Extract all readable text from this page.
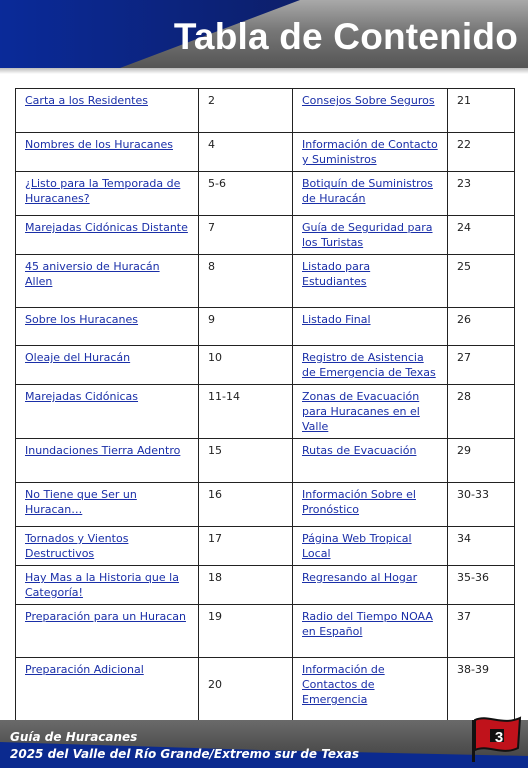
Tabla de Contenido
Carta a los Residentes	2	Consejos Sobre Seguros	21
Nombres de los Huracanes	4	Información de Contacto y Suministros	22
¿Listo para la Temporada de Huracanes?	5-6	Botiquín de Suministros de Huracán	23
Marejadas Cidónicas Distante	7	Guía de Seguridad para los Turistas	24
45 aniversio de Huracán Allen	8	Listado para Estudiantes	25
Sobre los Huracanes	9	Listado Final	26
Oleaje del Huracán	10	Registro de Asistencia de Emergencia de Texas	27
Marejadas Cidónicas	11-14	Zonas de Evacuación para Huracanes en el Valle	28
Inundaciones Tierra Adentro	15	Rutas de Evacuación	29
No Tiene que Ser un Huracan…	16	Información Sobre el Pronóstico	30-33
Tornados y Vientos Destructivos	17	Página Web Tropical Local	34
Hay Mas a la Historia que la Categoría!	18	Regresando al Hogar	35-36
Preparación para un Huracan	19	Radio del Tiempo NOAA en Español	37
Preparación Adicional	20	Información de Contactos de Emergencia	38-39
Guía de Huracanes
2025 del Valle del Río Grande/Extremo sur de Texas
3
